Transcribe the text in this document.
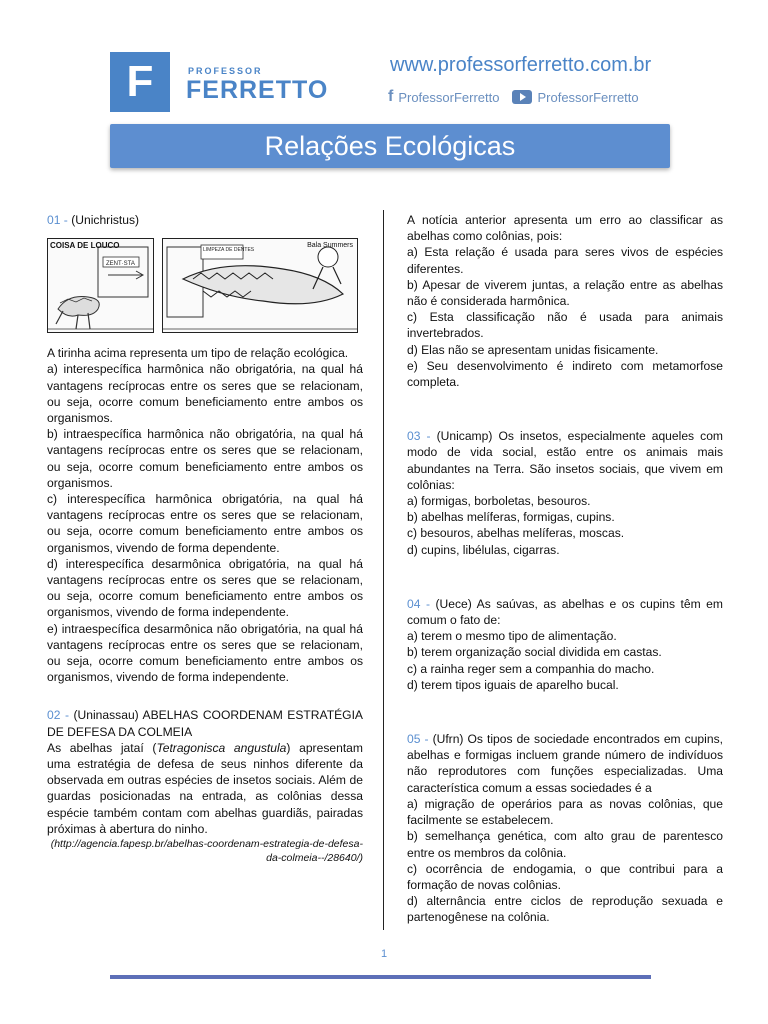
F	PROFESSOR
FERRETTO
www.professorferretto.com.br
f ProfessorFerretto	ProfessorFerretto
Relações Ecológicas

01 - (Unichristus)

COISA DE LOUCO
ZENT·STA
Bala Summers
LIMPEZA DE DENTES

A tirinha acima representa um tipo de relação ecológica.

a) interespecífica harmônica não obrigatória, na qual há vantagens recíprocas entre os seres que se relacionam, ou seja, ocorre comum beneficiamento entre ambos os organismos.

b) intraespecífica harmônica não obrigatória, na qual há vantagens recíprocas entre os seres que se relacionam, ou seja, ocorre comum beneficiamento entre ambos os organismos.

c) interespecífica harmônica obrigatória, na qual há vantagens recíprocas entre os seres que se relacionam, ou seja, ocorre comum beneficiamento entre ambos os organismos, vivendo de forma dependente.

d) interespecífica desarmônica obrigatória, na qual há vantagens recíprocas entre os seres que se relacionam, ou seja, ocorre comum beneficiamento entre ambos os organismos, vivendo de forma independente.

e) intraespecífica desarmônica não obrigatória, na qual há vantagens recíprocas entre os seres que se relacionam, ou seja, ocorre comum beneficiamento entre ambos os organismos, vivendo de forma independente.

02 - (Uninassau) ABELHAS COORDENAM ESTRATÉGIA DE DEFESA DA COLMEIA

As abelhas jataí (Tetragonisca angustula) apresentam uma estratégia de defesa de seus ninhos diferente da observada em outras espécies de insetos sociais. Além de guardas posicionadas na entrada, as colônias dessa espécie também contam com abelhas guardiãs, pairadas próximas à abertura do ninho.

(http://agencia.fapesp.br/abelhas-coordenam-estrategia-de-defesa-da-colmeia--/28640/)

A notícia anterior apresenta um erro ao classificar as abelhas como colônias, pois:

a) Esta relação é usada para seres vivos de espécies diferentes.

b) Apesar de viverem juntas, a relação entre as abelhas não é considerada harmônica.

c) Esta classificação não é usada para animais invertebrados.

d) Elas não se apresentam unidas fisicamente.

e) Seu desenvolvimento é indireto com metamorfose completa.

03 - (Unicamp) Os insetos, especialmente aqueles com modo de vida social, estão entre os animais mais abundantes na Terra. São insetos sociais, que vivem em colônias:

a) formigas, borboletas, besouros.

b) abelhas melíferas, formigas, cupins.

c) besouros, abelhas melíferas, moscas.

d) cupins, libélulas, cigarras.

04 - (Uece) As saúvas, as abelhas e os cupins têm em comum o fato de:

a) terem o mesmo tipo de alimentação.

b) terem organização social dividida em castas.

c) a rainha reger sem a companhia do macho.

d) terem tipos iguais de aparelho bucal.

05 - (Ufrn) Os tipos de sociedade encontrados em cupins, abelhas e formigas incluem grande número de indivíduos não reprodutores com funções especializadas. Uma característica comum a essas sociedades é a

a) migração de operários para as novas colônias, que facilmente se estabelecem.

b) semelhança genética, com alto grau de parentesco entre os membros da colônia.

c) ocorrência de endogamia, o que contribui para a formação de novas colônias.

d) alternância entre ciclos de reprodução sexuada e partenogênese na colônia.

1
